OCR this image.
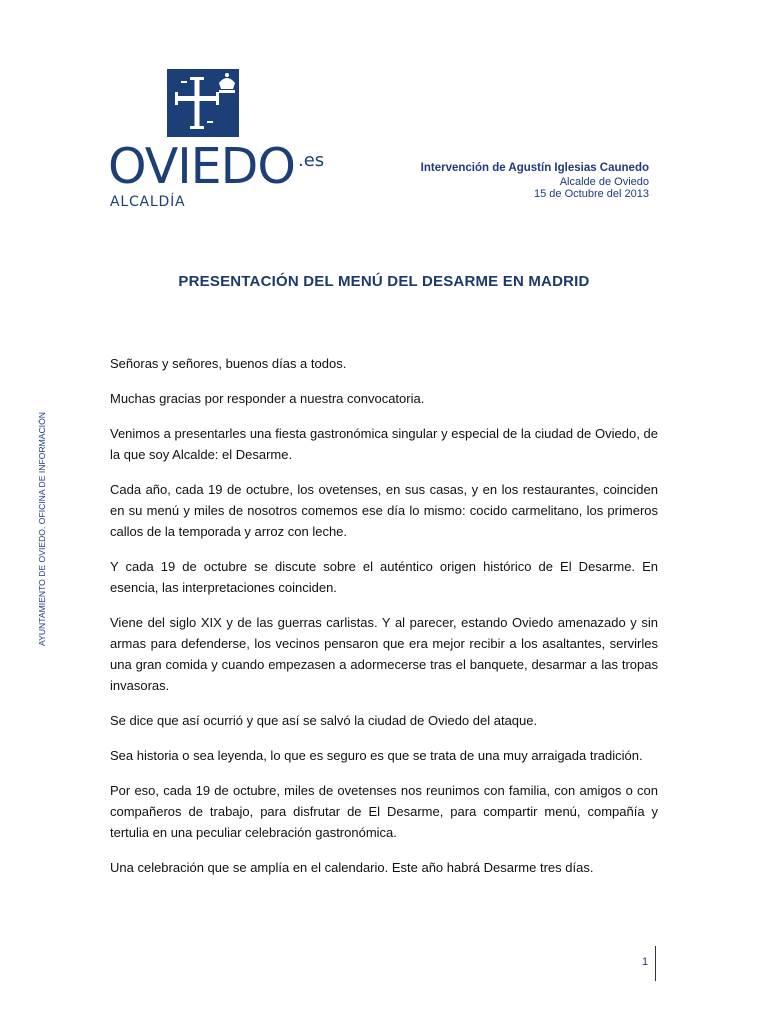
OVIEDO .es
ALCALDÍA
Intervención de Agustín Iglesias Caunedo
Alcalde de Oviedo
15 de Octubre del 2013
PRESENTACIÓN DEL MENÚ DEL DESARME EN MADRID
AYUNTAMIENTO DE OVIEDO. OFICINA DE INFORMACIÓN

Señoras y señores, buenos días a todos.

Muchas gracias por responder a nuestra convocatoria.

Venimos a presentarles una fiesta gastronómica singular y especial de la ciudad de Oviedo, de la que soy Alcalde: el Desarme.

Cada año, cada 19 de octubre, los ovetenses, en sus casas, y en los restaurantes, coinciden en su menú y miles de nosotros comemos ese día lo mismo: cocido carmelitano, los primeros callos de la temporada y arroz con leche.

Y cada 19 de octubre se discute sobre el auténtico origen histórico de El Desarme. En esencia, las interpretaciones coinciden.

Viene del siglo XIX y de las guerras carlistas. Y al parecer, estando Oviedo amenazado y sin armas para defenderse, los vecinos pensaron que era mejor recibir a los asaltantes, servirles una gran comida y cuando empezasen a adormecerse tras el banquete, desarmar a las tropas invasoras.

Se dice que así ocurrió y que así se salvó la ciudad de Oviedo del ataque.

Sea historia o sea leyenda, lo que es seguro es que se trata de una muy arraigada tradición.

Por eso, cada 19 de octubre, miles de ovetenses nos reunimos con familia, con amigos o con compañeros de trabajo, para disfrutar de El Desarme, para compartir menú, compañía y tertulia en una peculiar celebración gastronómica.

Una celebración que se amplía en el calendario. Este año habrá Desarme tres días.

1
